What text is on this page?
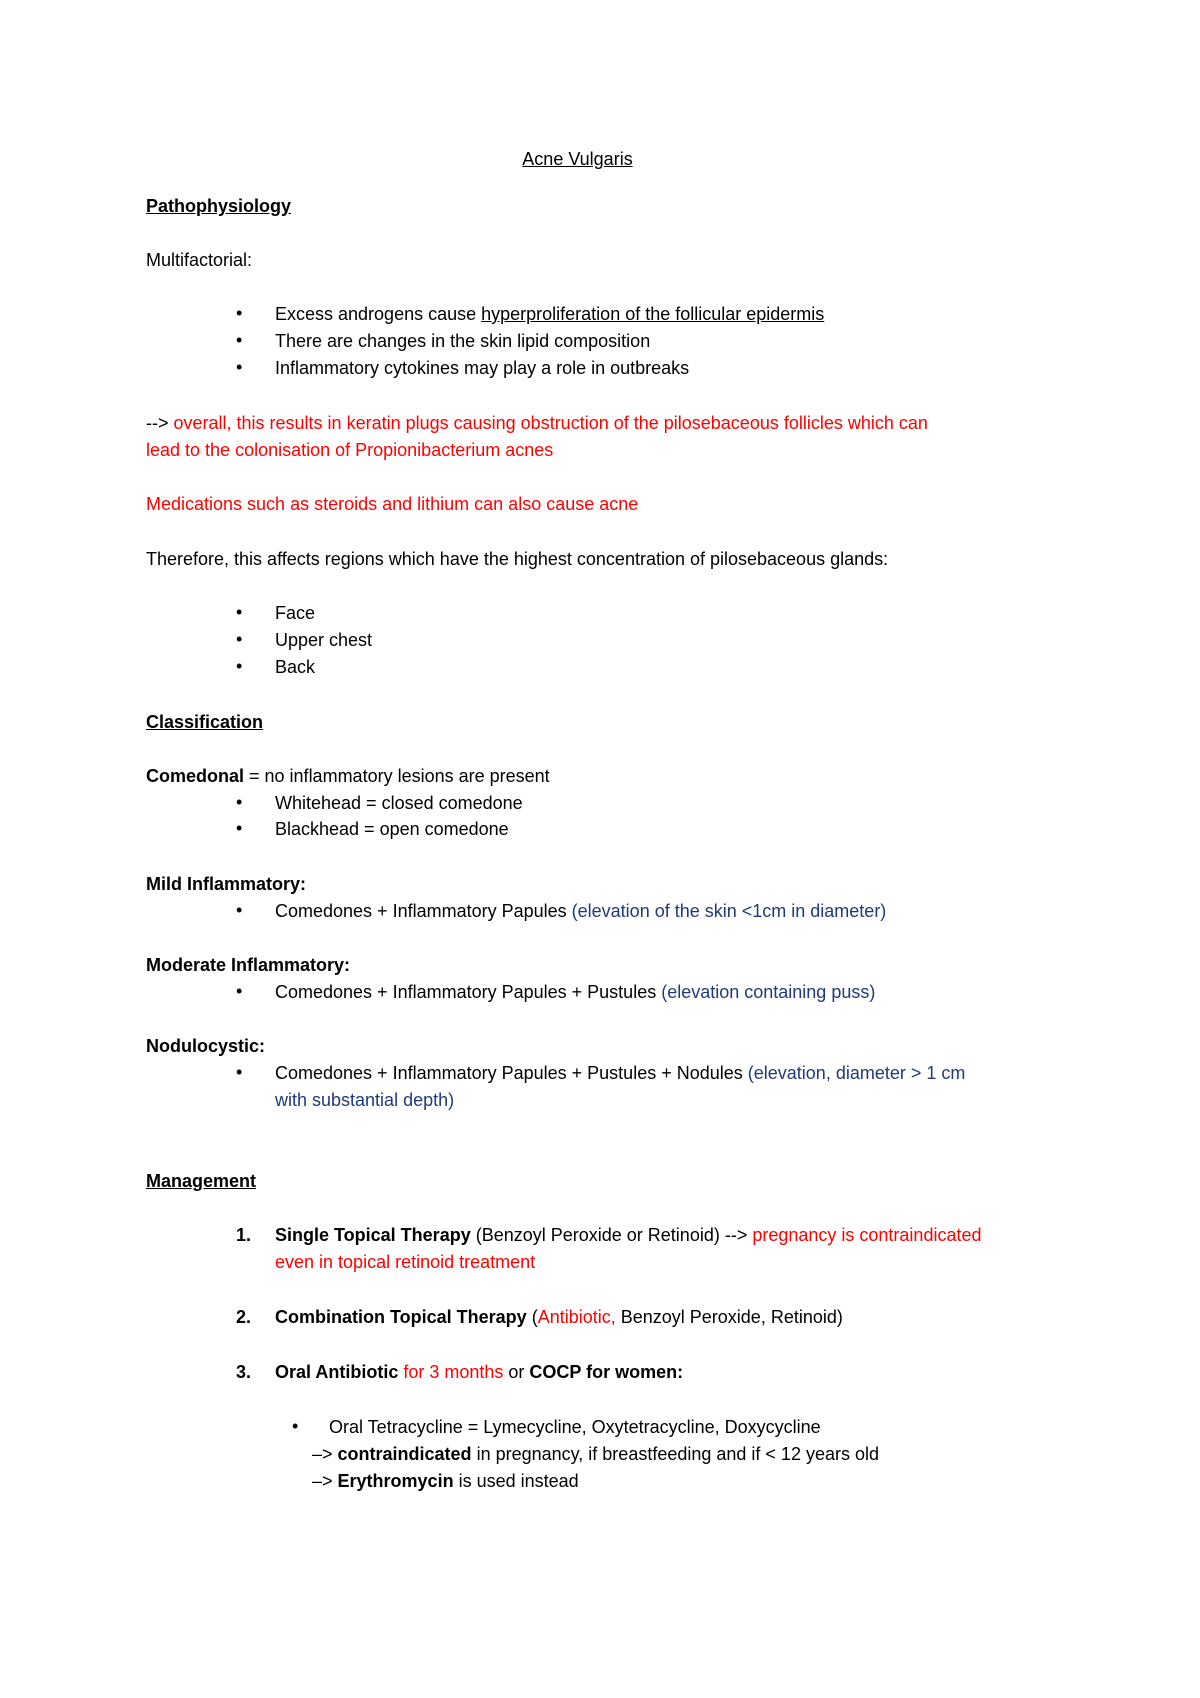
Acne Vulgaris
Pathophysiology
Multifactorial:
• Excess androgens cause hyperproliferation of the follicular epidermis
• There are changes in the skin lipid composition
• Inflammatory cytokines may play a role in outbreaks
--> overall, this results in keratin plugs causing obstruction of the pilosebaceous follicles which can
lead to the colonisation of Propionibacterium acnes
Medications such as steroids and lithium can also cause acne
Therefore, this affects regions which have the highest concentration of pilosebaceous glands:
• Face
• Upper chest
• Back
Classification
Comedonal = no inflammatory lesions are present
• Whitehead = closed comedone
• Blackhead = open comedone
Mild Inflammatory:
• Comedones + Inflammatory Papules (elevation of the skin <1cm in diameter)
Moderate Inflammatory:
• Comedones + Inflammatory Papules + Pustules (elevation containing puss)
Nodulocystic:
• Comedones + Inflammatory Papules + Pustules + Nodules (elevation, diameter > 1 cm
with substantial depth)
Management
1. Single Topical Therapy (Benzoyl Peroxide or Retinoid) --> pregnancy is contraindicated
even in topical retinoid treatment
2. Combination Topical Therapy (Antibiotic, Benzoyl Peroxide, Retinoid)
3. Oral Antibiotic for 3 months or COCP for women:
• Oral Tetracycline = Lymecycline, Oxytetracycline, Doxycycline
–> contraindicated in pregnancy, if breastfeeding and if < 12 years old
–> Erythromycin is used instead
